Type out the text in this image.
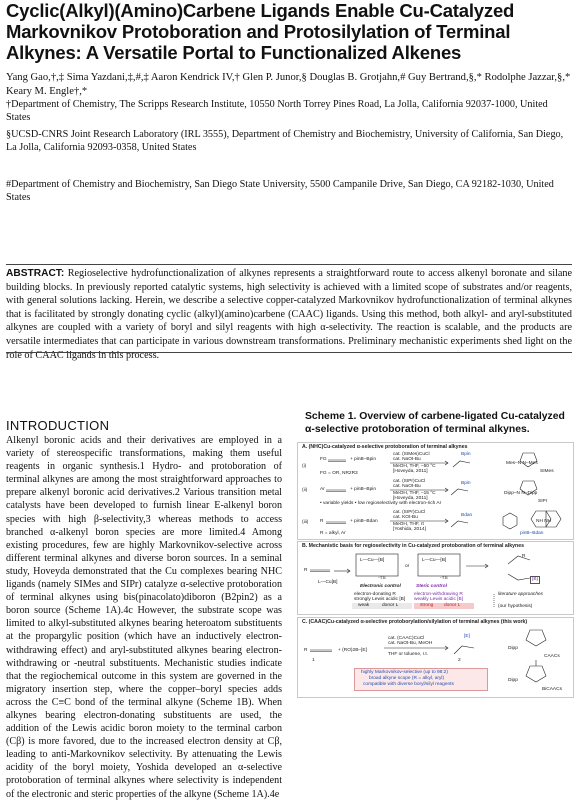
Cyclic(Alkyl)(Amino)Carbene Ligands Enable Cu-Catalyzed Markovnikov Protoboration and Protosilylation of Terminal Alkynes: A Versatile Portal to Functionalized Alkenes
Yang Gao,†,‡ Sima Yazdani,‡,#,‡ Aaron Kendrick IV,† Glen P. Junor,§ Douglas B. Grotjahn,# Guy Bertrand,§,* Rodolphe Jazzar,§,* Keary M. Engle†,*
†Department of Chemistry, The Scripps Research Institute, 10550 North Torrey Pines Road, La Jolla, California 92037-1000, United States
§UCSD-CNRS Joint Research Laboratory (IRL 3555), Department of Chemistry and Biochemistry, University of California, San Diego, La Jolla, California 92093-0358, United States
#Department of Chemistry and Biochemistry, San Diego State University, 5500 Campanile Drive, San Diego, CA 92182-1030, United States
ABSTRACT: Regioselective hydrofunctionalization of alkynes represents a straightforward route to access alkenyl boronate and silane building blocks. In previously reported catalytic systems, high selectivity is achieved with a limited scope of substrates and/or reagents, with general solutions lacking. Herein, we describe a selective copper-catalyzed Markovnikov hydrofunctionalization of terminal alkynes that is facilitated by strongly donating cyclic (alkyl)(amino)carbene (CAAC) ligands. Using this method, both alkyl- and aryl-substituted alkynes are coupled with a variety of boryl and silyl reagents with high α-selectivity. The reaction is scalable, and the products are versatile intermediates that can participate in various downstream transformations. Preliminary mechanistic experiments shed light on the role of CAAC ligands in this process.
INTRODUCTION
Alkenyl boronic acids and their derivatives are employed in a variety of stereospecific transformations, making them useful reagents in organic synthesis.1 Hydro- and protoboration of terminal alkynes are among the most straightforward approaches to prepare alkenyl boronic acid derivatives.2 Various transition metal catalysts have been developed to furnish linear E-alkenyl boron species with high β-selectivity,3 whereas methods to access branched α-alkenyl boron species are more limited.4 Among existing procedures, few are highly Markovnikov-selective across different terminal alkynes and diverse boron sources. In a seminal study, Hoveyda demonstrated that the Cu complexes bearing NHC ligands (namely SIMes and SIPr) catalyze α-selective protoboration of terminal alkynes using bis(pinacolato)diboron (B2pin2) as a boron source (Scheme 1A).4c However, the substrate scope was limited to alkyl-substituted alkynes bearing heteroatom substituents at the propargylic position (which have an inductively electron-withdrawing effect) and aryl-substituted alkynes bearing electron-withdrawing or -neutral substituents. Mechanistic studies indicate that the regiochemical outcome in this system are governed in the migratory insertion step, where the copper–boryl species adds across the C≡C bond of the terminal alkyne (Scheme 1B). When alkynes bearing electron-donating substituents are used, the addition of the Lewis acidic boron moiety to the terminal carbon (Cβ) is more favored, due to the increased electron density at Cβ, leading to anti-Markovnikov selectivity. By attenuating the Lewis acidity of the boryl moiety, Yoshida developed an α-selective protoboration of terminal alkynes where selectivity is independent of the electronic and steric properties of the alkyne (Scheme 1A).4e
Scheme 1. Overview of carbene-ligated Cu-catalyzed α-selective protoboration of terminal alkynes.
A. (NHC)Cu-catalyzed α-selective protoboration of terminal alkynes
(i)
FG	+ pinB–Bpin
cat. (SIMes)CuCl
cat. NaOt-Bu
MeOH, THF, –50 °C
[Hoveyda, 2011]
Bpin
FG = OR, NR2R3
Mes–N N–Mes
SIMes
(ii)	Ar	+ pinB–Bpin
cat. (SIPr)CuCl
cat. NaOt-Bu
MeOH, THF, –15 °C
[Hoveyda, 2011]
Bpin
• variable yields • low regioselectivity with electron-rich Ar
Dipp–N N–Dipp
SIPr
(iii) R	+ pinB–Bdan
cat. (SIPr)CuCl
cat. KOt-Bu
MeOH, THF, rt
[Yoshida, 2014]
Bdan
R = alkyl, Ar
NH NH
pinB–Bdan
B. Mechanistic basis for regioselectivity in Cu-catalyzed protoboration of terminal alkynes
R
L—Cu[B]
L—Cu—[B]
-TS
or
L—Cu—[B]
-TS
Electronic control	Steric control
electron-donating R
strongly Lewis acidic [B]
electron-withdrawing R
weakly Lewis acidic [B]
literature approaches
(our hypothesis)
weak	donor L	strong donor L
R
[B]
C. (CAAC)Cu-catalyzed α-selective protoborylation/silylation of terminal alkynes (this work)
R
1
+ (RO)2B–[E]
cat. (CAAC)CuCl
cat. NaOt-Bu, MeOH
THF or toluene, r.t.
[E]
2
highly Markovnikov-selective (up to 98:2)
broad alkyne scope (R = alkyl, aryl)
compatible with diverse boryl/silyl reagents
Dipp
CAACs
Dipp
BiCAACs
